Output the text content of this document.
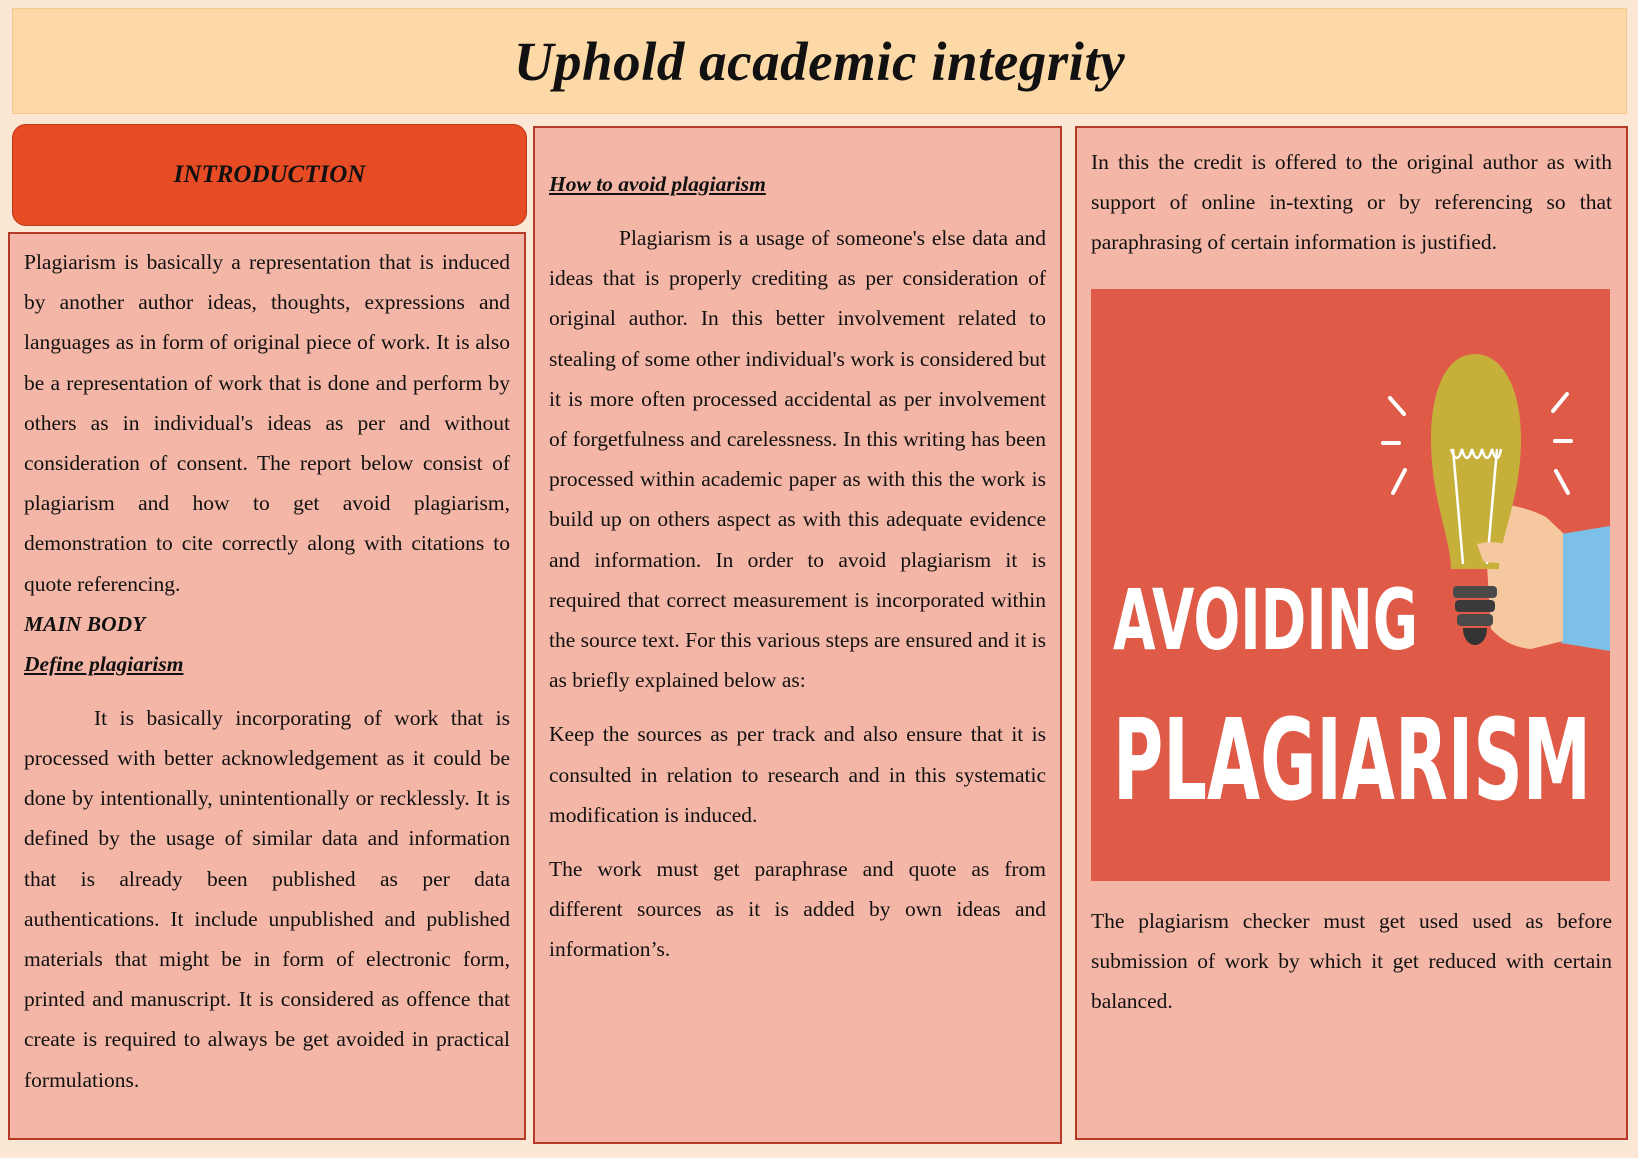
Uphold academic integrity
INTRODUCTION

Plagiarism is basically a representation that is induced by another author ideas, thoughts, expressions and languages as in form of original piece of work. It is also be a representation of work that is done and perform by others as in individual's ideas as per and without consideration of consent. The report below consist of plagiarism and how to get avoid plagiarism, demonstration to cite correctly along with citations to quote referencing.

MAIN BODY

Define plagiarism

It is basically incorporating of work that is processed with better acknowledgement as it could be done by intentionally, unintentionally or recklessly. It is defined by the usage of similar data and information that is already been published as per data authentications. It include unpublished and published materials that might be in form of electronic form, printed and manuscript. It is considered as offence that create is required to always be get avoided in practical formulations.

How to avoid plagiarism

Plagiarism is a usage of someone's else data and ideas that is properly crediting as per consideration of original author. In this better involvement related to stealing of some other individual's work is considered but it is more often processed accidental as per involvement of forgetfulness and carelessness. In this writing has been processed within academic paper as with this the work is build up on others aspect as with this adequate evidence and information. In order to avoid plagiarism it is required that correct measurement is incorporated within the source text. For this various steps are ensured and it is as briefly explained below as:

Keep the sources as per track and also ensure that it is consulted in relation to research and in this systematic modification is induced.

The work must get paraphrase and quote as from different sources as it is added by own ideas and information’s.

In this the credit is offered to the original author as with support of online in-texting or by referencing so that paraphrasing of certain information is justified.

AVOIDING
PLAGIARISM

The plagiarism checker must get used used as before submission of work by which it get reduced with certain balanced.
